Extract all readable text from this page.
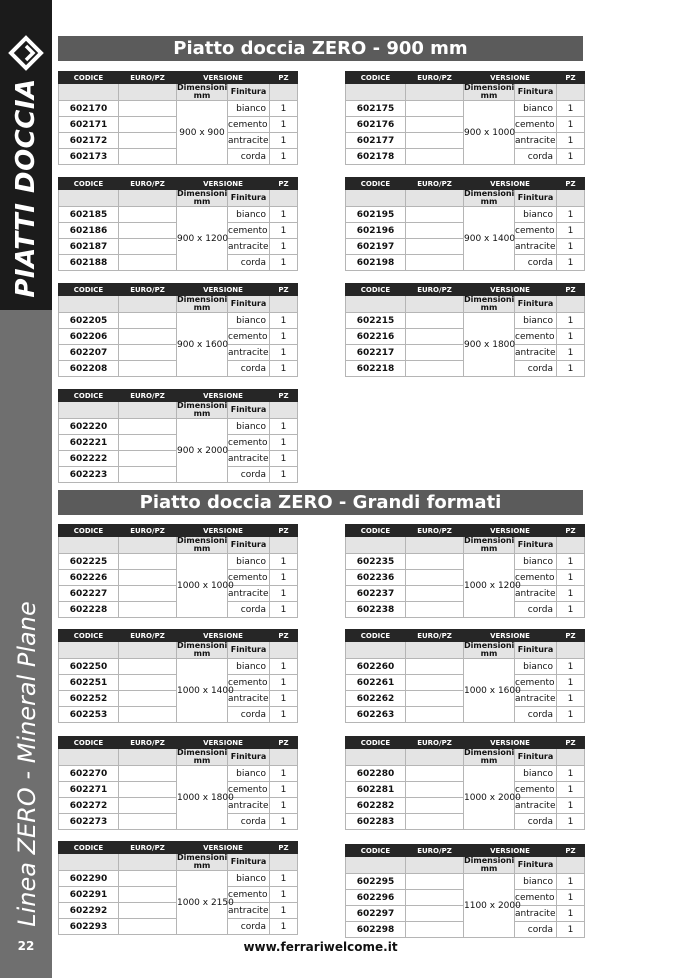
PIATTI DOCCIA
Linea ZERO - Mineral Plane
22
Piatto doccia ZERO - 900 mm
Piatto doccia ZERO - Grandi formati
CODICE	EURO/PZ	VERSIONE		PZ
		Dimensioni
mm	Finitura	
602170		900 x 900	bianco	1
602171			cemento	1
602172			antracite	1
602173			corda	1
CODICE	EURO/PZ	VERSIONE		PZ
		Dimensioni
mm	Finitura	
602175		900 x 1000	bianco	1
602176			cemento	1
602177			antracite	1
602178			corda	1
CODICE	EURO/PZ	VERSIONE		PZ
		Dimensioni
mm	Finitura	
602185		900 x 1200	bianco	1
602186			cemento	1
602187			antracite	1
602188			corda	1
CODICE	EURO/PZ	VERSIONE		PZ
		Dimensioni
mm	Finitura	
602195		900 x 1400	bianco	1
602196			cemento	1
602197			antracite	1
602198			corda	1
CODICE	EURO/PZ	VERSIONE		PZ
		Dimensioni
mm	Finitura	
602205		900 x 1600	bianco	1
602206			cemento	1
602207			antracite	1
602208			corda	1
CODICE	EURO/PZ	VERSIONE		PZ
		Dimensioni
mm	Finitura	
602215		900 x 1800	bianco	1
602216			cemento	1
602217			antracite	1
602218			corda	1
CODICE	EURO/PZ	VERSIONE		PZ
		Dimensioni
mm	Finitura	
602220		900 x 2000	bianco	1
602221			cemento	1
602222			antracite	1
602223			corda	1
CODICE	EURO/PZ	VERSIONE		PZ
		Dimensioni
mm	Finitura	
602225		1000 x 1000	bianco	1
602226			cemento	1
602227			antracite	1
602228			corda	1
CODICE	EURO/PZ	VERSIONE		PZ
		Dimensioni
mm	Finitura	
602235		1000 x 1200	bianco	1
602236			cemento	1
602237			antracite	1
602238			corda	1
CODICE	EURO/PZ	VERSIONE		PZ
		Dimensioni
mm	Finitura	
602250		1000 x 1400	bianco	1
602251			cemento	1
602252			antracite	1
602253			corda	1
CODICE	EURO/PZ	VERSIONE		PZ
		Dimensioni
mm	Finitura	
602260		1000 x 1600	bianco	1
602261			cemento	1
602262			antracite	1
602263			corda	1
CODICE	EURO/PZ	VERSIONE		PZ
		Dimensioni
mm	Finitura	
602270		1000 x 1800	bianco	1
602271			cemento	1
602272			antracite	1
602273			corda	1
CODICE	EURO/PZ	VERSIONE		PZ
		Dimensioni
mm	Finitura	
602280		1000 x 2000	bianco	1
602281			cemento	1
602282			antracite	1
602283			corda	1
CODICE	EURO/PZ	VERSIONE		PZ
		Dimensioni
mm	Finitura	
602290		1000 x 2150	bianco	1
602291			cemento	1
602292			antracite	1
602293			corda	1
CODICE	EURO/PZ	VERSIONE		PZ
		Dimensioni
mm	Finitura	
602295		1100 x 2000	bianco	1
602296			cemento	1
602297			antracite	1
602298			corda	1
www.ferrariwelcome.it
